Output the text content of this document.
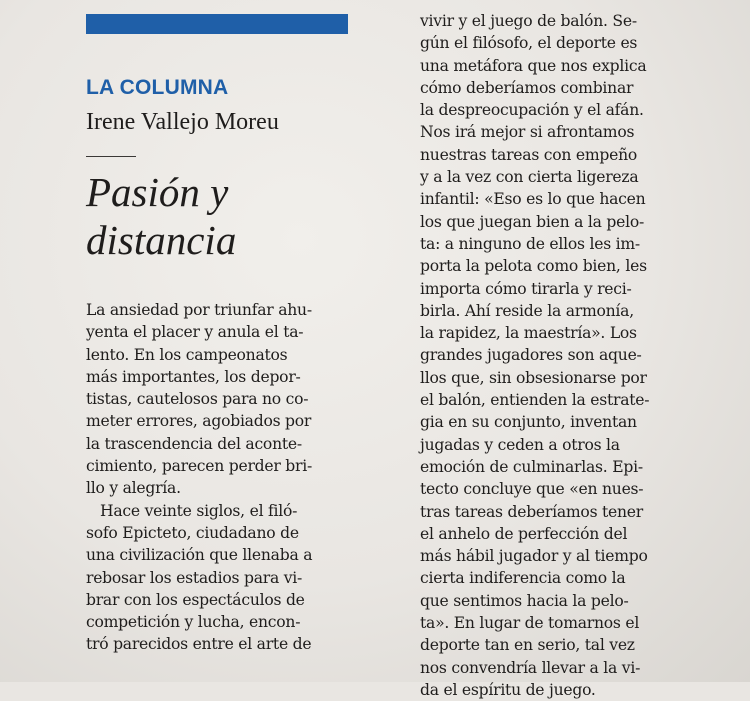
LA COLUMNA
Irene Vallejo Moreu
Pasión y
distancia
La ansiedad por triunfar ahu-
yenta el placer y anula el ta-
lento. En los campeonatos
más importantes, los depor-
tistas, cautelosos para no co-
meter errores, agobiados por
la trascendencia del aconte-
cimiento, parecen perder bri-
llo y alegría.
Hace veinte siglos, el filó-
sofo Epicteto, ciudadano de
una civilización que llenaba a
rebosar los estadios para vi-
brar con los espectáculos de
competición y lucha, encon-
tró parecidos entre el arte de
vivir y el juego de balón. Se-
gún el filósofo, el deporte es
una metáfora que nos explica
cómo deberíamos combinar
la despreocupación y el afán.
Nos irá mejor si afrontamos
nuestras tareas con empeño
y a la vez con cierta ligereza
infantil: «Eso es lo que hacen
los que juegan bien a la pelo-
ta: a ninguno de ellos les im-
porta la pelota como bien, les
importa cómo tirarla y reci-
birla. Ahí reside la armonía,
la rapidez, la maestría». Los
grandes jugadores son aque-
llos que, sin obsesionarse por
el balón, entienden la estrate-
gia en su conjunto, inventan
jugadas y ceden a otros la
emoción de culminarlas. Epi-
tecto concluye que «en nues-
tras tareas deberíamos tener
el anhelo de perfección del
más hábil jugador y al tiempo
cierta indiferencia como la
que sentimos hacia la pelo-
ta». En lugar de tomarnos el
deporte tan en serio, tal vez
nos convendría llevar a la vi-
da el espíritu de juego.
